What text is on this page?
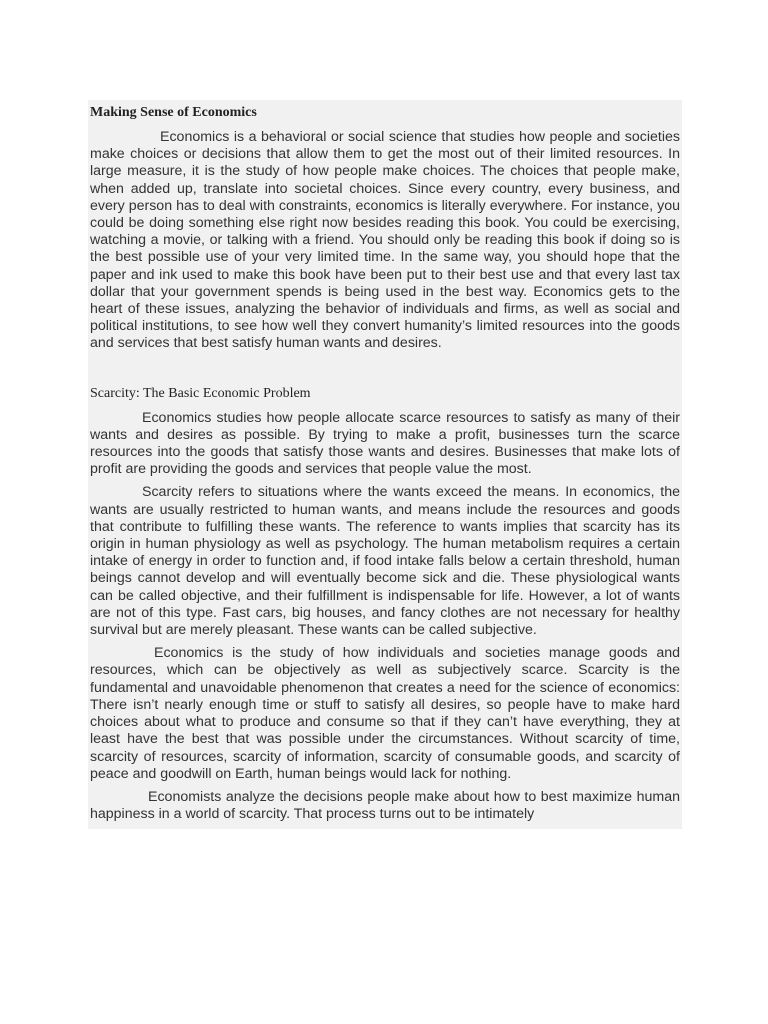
Making Sense of Economics

Economics is a behavioral or social science that studies how people and societies make choices or decisions that allow them to get the most out of their limited resources. In large measure, it is the study of how people make choices. The choices that people make, when added up, translate into societal choices. Since every country, every business, and every person has to deal with constraints, economics is literally everywhere. For instance, you could be doing something else right now besides reading this book. You could be exercising, watching a movie, or talking with a friend. You should only be reading this book if doing so is the best possible use of your very limited time. In the same way, you should hope that the paper and ink used to make this book have been put to their best use and that every last tax dollar that your government spends is being used in the best way. Economics gets to the heart of these issues, analyzing the behavior of individuals and firms, as well as social and political institutions, to see how well they convert humanity’s limited resources into the goods and services that best satisfy human wants and desires.

Scarcity: The Basic Economic Problem

Economics studies how people allocate scarce resources to satisfy as many of their wants and desires as possible. By trying to make a profit, businesses turn the scarce resources into the goods that satisfy those wants and desires. Businesses that make lots of profit are providing the goods and services that people value the most.

Scarcity refers to situations where the wants exceed the means. In economics, the wants are usually restricted to human wants, and means include the resources and goods that contribute to fulfilling these wants. The reference to wants implies that scarcity has its origin in human physiology as well as psychology. The human metabolism requires a certain intake of energy in order to function and, if food intake falls below a certain threshold, human beings cannot develop and will eventually become sick and die. These physiological wants can be called objective, and their fulfillment is indispensable for life. However, a lot of wants are not of this type. Fast cars, big houses, and fancy clothes are not necessary for healthy survival but are merely pleasant. These wants can be called subjective.

Economics is the study of how individuals and societies manage goods and resources, which can be objectively as well as subjectively scarce. Scarcity is the fundamental and unavoidable phenomenon that creates a need for the science of economics: There isn’t nearly enough time or stuff to satisfy all desires, so people have to make hard choices about what to produce and consume so that if they can’t have everything, they at least have the best that was possible under the circumstances. Without scarcity of time, scarcity of resources, scarcity of information, scarcity of consumable goods, and scarcity of peace and goodwill on Earth, human beings would lack for nothing.

Economists analyze the decisions people make about how to best maximize human happiness in a world of scarcity. That process turns out to be intimately
